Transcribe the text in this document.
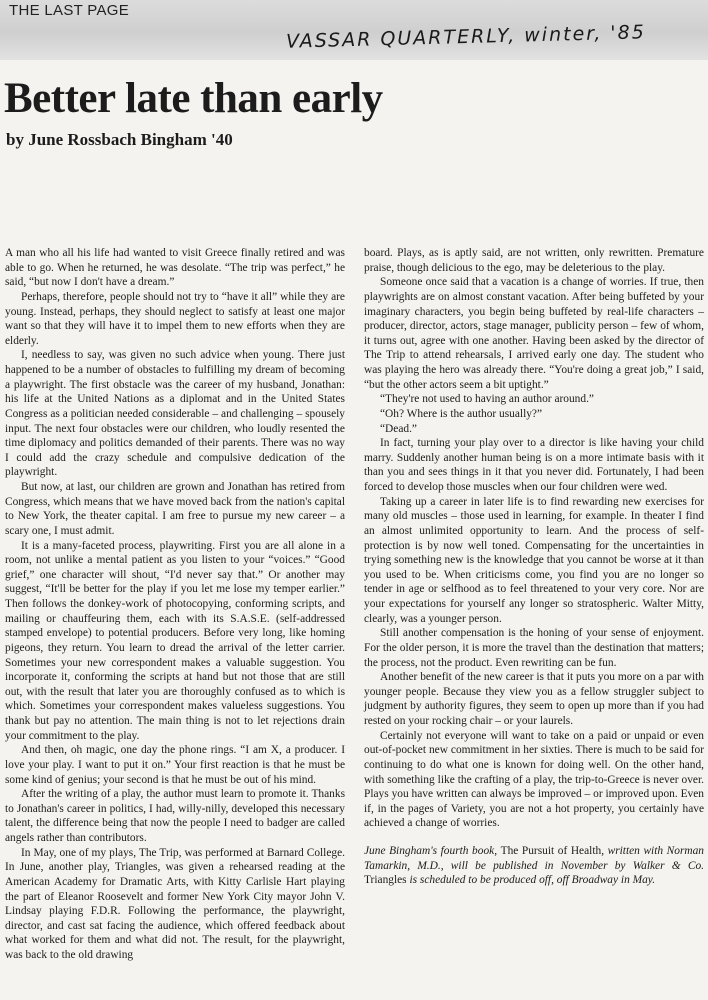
THE LAST PAGE
VASSAR QUARTERLY, winter, '85
Better late than early
by June Rossbach Bingham '40

A man who all his life had wanted to visit Greece finally retired and was able to go. When he returned, he was desolate. “The trip was perfect,” he said, “but now I don't have a dream.”

Perhaps, therefore, people should not try to “have it all” while they are young. Instead, perhaps, they should neglect to satisfy at least one major want so that they will have it to impel them to new efforts when they are elderly.

I, needless to say, was given no such advice when young. There just happened to be a number of obstacles to fulfilling my dream of becoming a playwright. The first obstacle was the career of my husband, Jonathan: his life at the United Nations as a diplomat and in the United States Congress as a politician needed considerable – and challenging – spousely input. The next four obstacles were our children, who loudly resented the time diplomacy and politics demanded of their parents. There was no way I could add the crazy schedule and compulsive dedication of the playwright.

But now, at last, our children are grown and Jonathan has retired from Congress, which means that we have moved back from the nation's capital to New York, the theater capital. I am free to pursue my new career – a scary one, I must admit.

It is a many-faceted process, playwriting. First you are all alone in a room, not unlike a mental patient as you listen to your “voices.” “Good grief,” one character will shout, “I'd never say that.” Or another may suggest, “It'll be better for the play if you let me lose my temper earlier.” Then follows the donkey-work of photocopying, conforming scripts, and mailing or chauffeuring them, each with its S.A.S.E. (self-addressed stamped envelope) to potential producers. Before very long, like homing pigeons, they return. You learn to dread the arrival of the letter carrier. Sometimes your new correspondent makes a valuable suggestion. You incorporate it, conforming the scripts at hand but not those that are still out, with the result that later you are thoroughly confused as to which is which. Sometimes your correspondent makes valueless suggestions. You thank but pay no attention. The main thing is not to let rejections drain your commitment to the play.

And then, oh magic, one day the phone rings. “I am X, a producer. I love your play. I want to put it on.” Your first reaction is that he must be some kind of genius; your second is that he must be out of his mind.

After the writing of a play, the author must learn to promote it. Thanks to Jonathan's career in politics, I had, willy-nilly, developed this necessary talent, the difference being that now the people I need to badger are called angels rather than contributors.

In May, one of my plays, The Trip, was performed at Barnard College. In June, another play, Triangles, was given a rehearsed reading at the American Academy for Dramatic Arts, with Kitty Carlisle Hart playing the part of Eleanor Roosevelt and former New York City mayor John V. Lindsay playing F.D.R. Following the performance, the playwright, director, and cast sat facing the audience, which offered feedback about what worked for them and what did not. The result, for the playwright, was back to the old drawing

board. Plays, as is aptly said, are not written, only rewritten. Premature praise, though delicious to the ego, may be deleterious to the play.

Someone once said that a vacation is a change of worries. If true, then playwrights are on almost constant vacation. After being buffeted by your imaginary characters, you begin being buffeted by real-life characters – producer, director, actors, stage manager, publicity person – few of whom, it turns out, agree with one another. Having been asked by the director of The Trip to attend rehearsals, I arrived early one day. The student who was playing the hero was already there. “You're doing a great job,” I said, “but the other actors seem a bit uptight.”

“They're not used to having an author around.”

“Oh? Where is the author usually?”

“Dead.”

In fact, turning your play over to a director is like having your child marry. Suddenly another human being is on a more intimate basis with it than you and sees things in it that you never did. Fortunately, I had been forced to develop those muscles when our four children were wed.

Taking up a career in later life is to find rewarding new exercises for many old muscles – those used in learning, for example. In theater I find an almost unlimited opportunity to learn. And the process of self-protection is by now well toned. Compensating for the uncertainties in trying something new is the knowledge that you cannot be worse at it than you used to be. When criticisms come, you find you are no longer so tender in age or selfhood as to feel threatened to your very core. Nor are your expectations for yourself any longer so stratospheric. Walter Mitty, clearly, was a younger person.

Still another compensation is the honing of your sense of enjoyment. For the older person, it is more the travel than the destination that matters; the process, not the product. Even rewriting can be fun.

Another benefit of the new career is that it puts you more on a par with younger people. Because they view you as a fellow struggler subject to judgment by authority figures, they seem to open up more than if you had rested on your rocking chair – or your laurels.

Certainly not everyone will want to take on a paid or unpaid or even out-of-pocket new commitment in her sixties. There is much to be said for continuing to do what one is known for doing well. On the other hand, with something like the crafting of a play, the trip-to-Greece is never over. Plays you have written can always be improved – or improved upon. Even if, in the pages of Variety, you are not a hot property, you certainly have achieved a change of worries.

June Bingham's fourth book, The Pursuit of Health, written with Norman Tamarkin, M.D., will be published in November by Walker & Co. Triangles is scheduled to be produced off, off Broadway in May.
